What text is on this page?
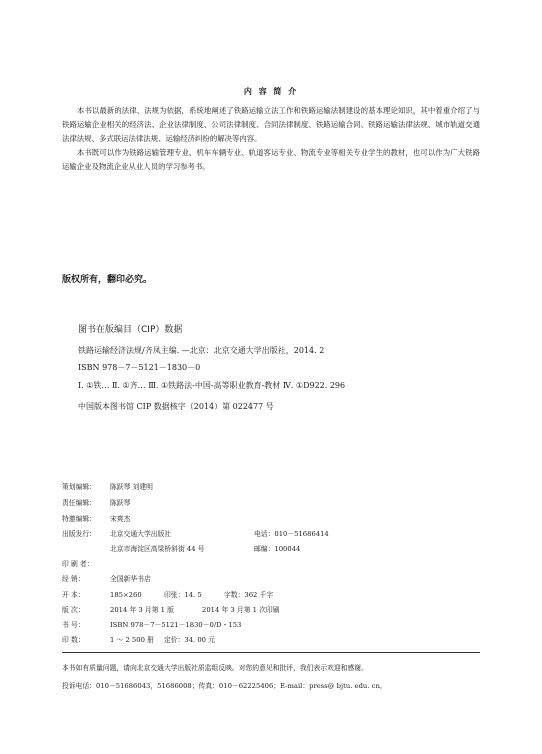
内 容 简 介

本书以最新的法律、法规为依据，系统地阐述了铁路运输立法工作和铁路运输法制建设的基本理论知识，其中着重介绍了与铁路运输企业相关的经济法、企业法律制度、公司法律制度、合同法律制度、铁路运输合同、铁路运输法律法规、城市轨道交通法律法规、多式联运法律法规、运输经济纠纷的解决等内容。

本书既可以作为铁路运输管理专业、机车车辆专业、轨道客运专业、物流专业等相关专业学生的教材，也可以作为广大铁路运输企业及物流企业从业人员的学习参考书。

版权所有，翻印必究。
图书在版编目（CIP）数据
铁路运输经济法规/齐凤主编. —北京：北京交通大学出版社，2014. 2
ISBN 978－7－5121－1830－0
Ⅰ. ①铁… Ⅱ. ①齐… Ⅲ. ①铁路法-中国-高等职业教育-教材 Ⅳ. ①D922. 296
中国版本图书馆 CIP 数据核字（2014）第 022477 号
策划编辑： 陈跃琴 刘建明
责任编辑： 陈跃琴
特邀编辑： 宋爽杰
出版发行： 北京交通大学出版社	电话：010－51686414
北京市海淀区高梁桥斜街 44 号	邮编：100044
印 刷 者：
经 销：	全国新华书店
开 本：	185×260	印张：14. 5	字数：362 千字
版 次：	2014 年 3 月第 1 版	2014 年 3 月第 1 次印刷
书 号：	ISBN 978－7－5121－1830－0/D・153
印 数：	1 ～ 2 500 册 定价：34. 00 元
本书如有质量问题，请向北京交通大学出版社质监组反映。对您的意见和批评，我们表示欢迎和感谢。
投诉电话：010－51686043，51686008；传真：010－62225406；E-mail：press@ bjtu. edu. cn。
